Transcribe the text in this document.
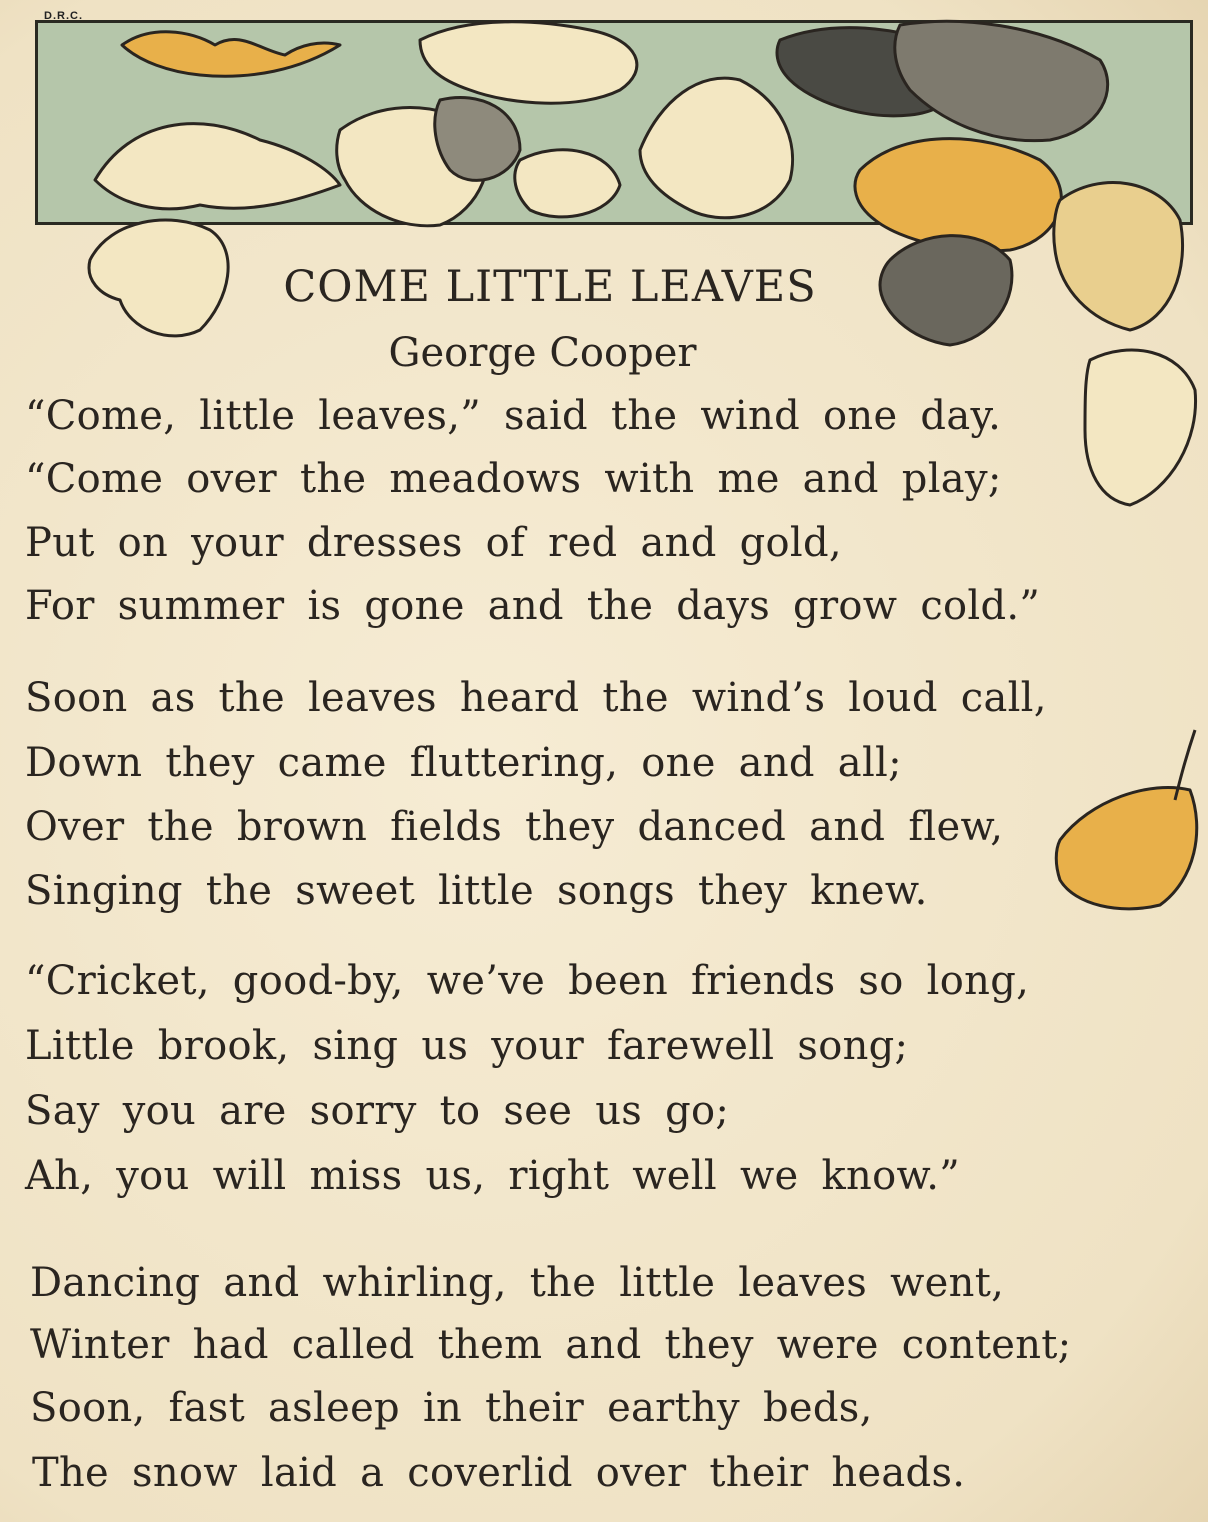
D.R.C.
COME LITTLE LEAVES
George Cooper
“Come, little leaves,” said the wind one day.
“Come over the meadows with me and play;
Put on your dresses of red and gold,
For summer is gone and the days grow cold.”
Soon as the leaves heard the wind’s loud call,
Down they came fluttering, one and all;
Over the brown fields they danced and flew,
Singing the sweet little songs they knew.
“Cricket, good-by, we’ve been friends so long,
Little brook, sing us your farewell song;
Say you are sorry to see us go;
Ah, you will miss us, right well we know.”
Dancing and whirling, the little leaves went,
Winter had called them and they were content;
Soon, fast asleep in their earthy beds,
The snow laid a coverlid over their heads.
